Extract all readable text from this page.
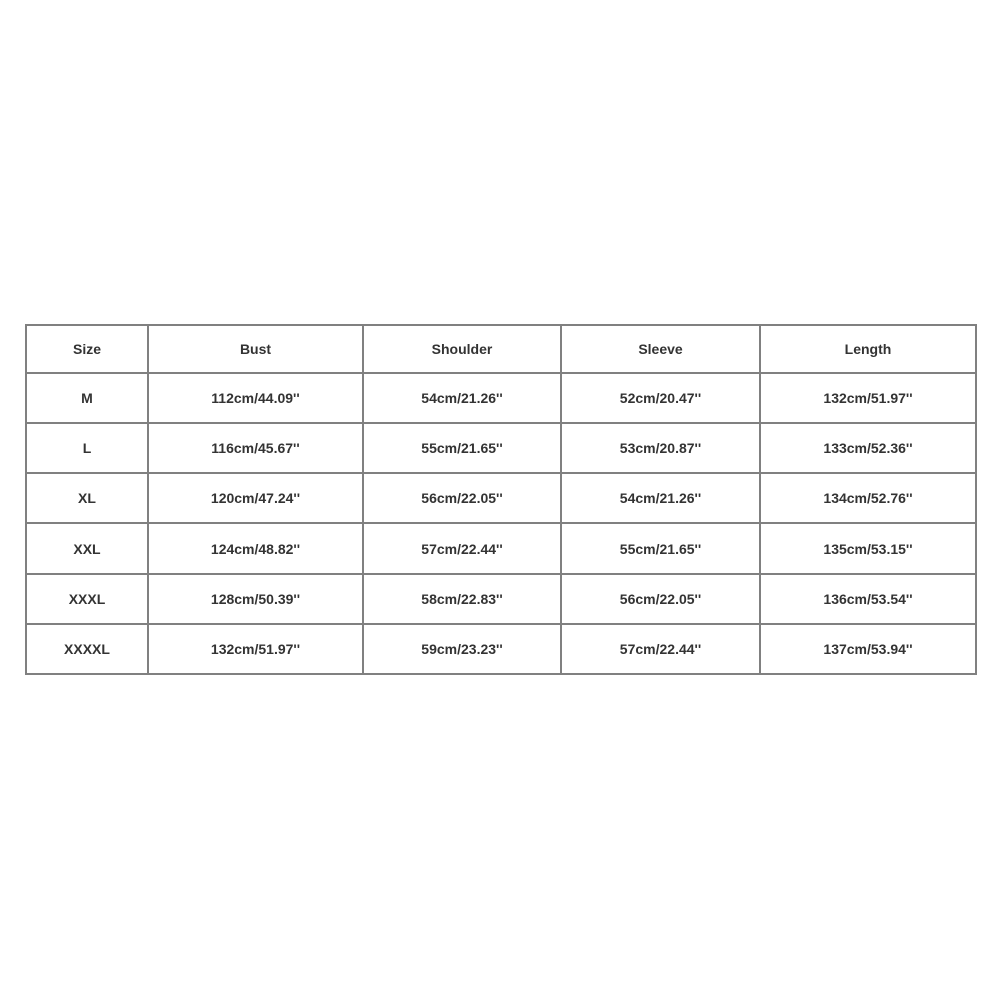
Size	Bust	Shoulder	Sleeve	Length
M	112cm/44.09''	54cm/21.26''	52cm/20.47''	132cm/51.97''
L	116cm/45.67''	55cm/21.65''	53cm/20.87''	133cm/52.36''
XL	120cm/47.24''	56cm/22.05''	54cm/21.26''	134cm/52.76''
XXL	124cm/48.82''	57cm/22.44''	55cm/21.65''	135cm/53.15''
XXXL	128cm/50.39''	58cm/22.83''	56cm/22.05''	136cm/53.54''
XXXXL	132cm/51.97''	59cm/23.23''	57cm/22.44''	137cm/53.94''
